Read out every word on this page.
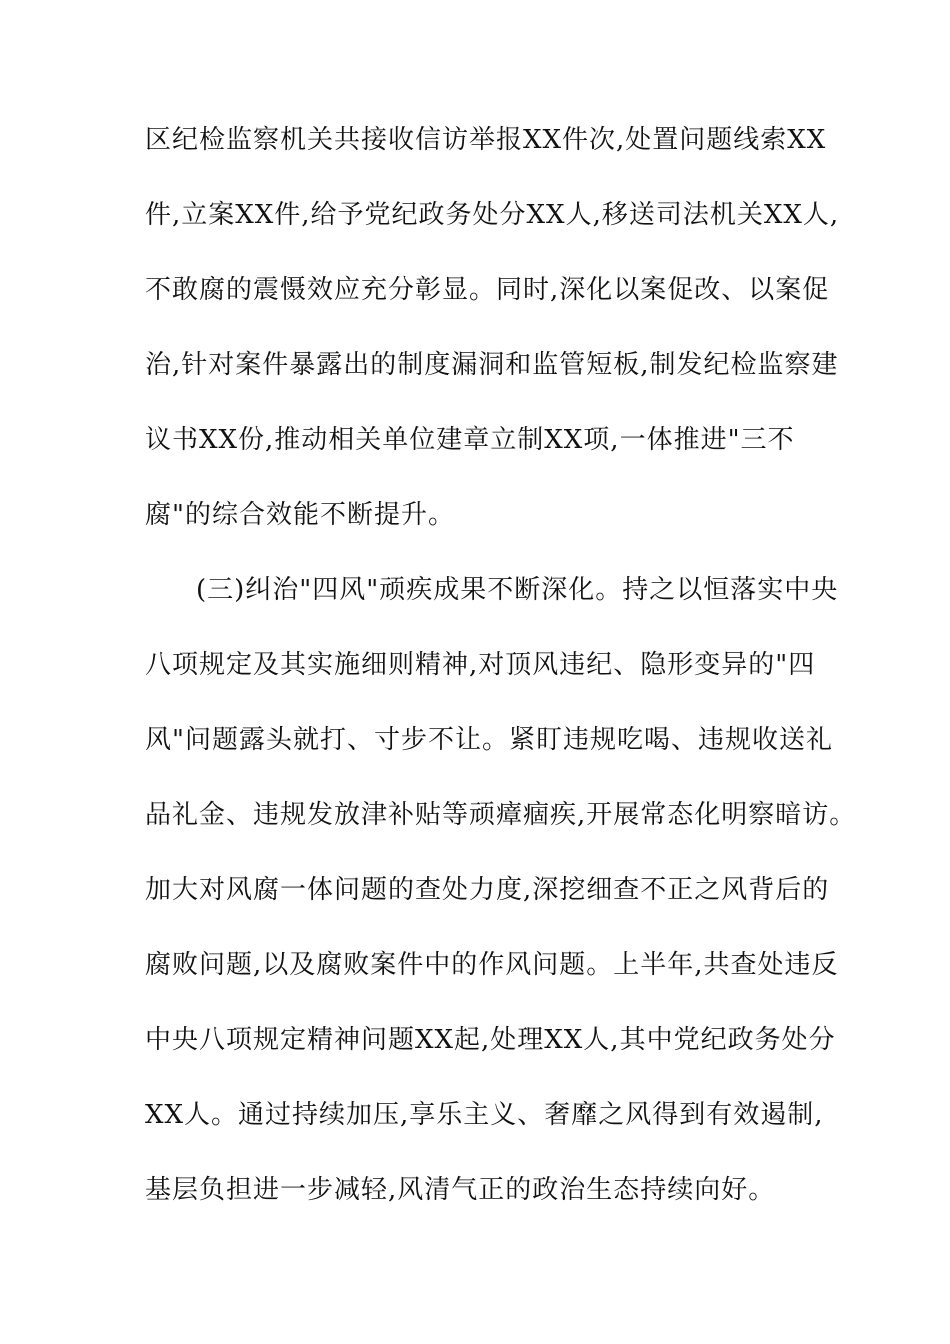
区纪检监察机关共接收信访举报XX件次,处置问题线索XX
件,立案XX件,给予党纪政务处分XX人,移送司法机关XX人,
不敢腐的震慑效应充分彰显。同时,深化以案促改、以案促
治,针对案件暴露出的制度漏洞和监管短板,制发纪检监察建
议书XX份,推动相关单位建章立制XX项,一体推进"三不
腐"的综合效能不断提升。
(三)纠治"四风"顽疾成果不断深化。持之以恒落实中央
八项规定及其实施细则精神,对顶风违纪、隐形变异的"四
风"问题露头就打、寸步不让。紧盯违规吃喝、违规收送礼
品礼金、违规发放津补贴等顽瘴痼疾,开展常态化明察暗访。
加大对风腐一体问题的查处力度,深挖细查不正之风背后的
腐败问题,以及腐败案件中的作风问题。上半年,共查处违反
中央八项规定精神问题XX起,处理XX人,其中党纪政务处分
XX人。通过持续加压,享乐主义、奢靡之风得到有效遏制,
基层负担进一步减轻,风清气正的政治生态持续向好。
